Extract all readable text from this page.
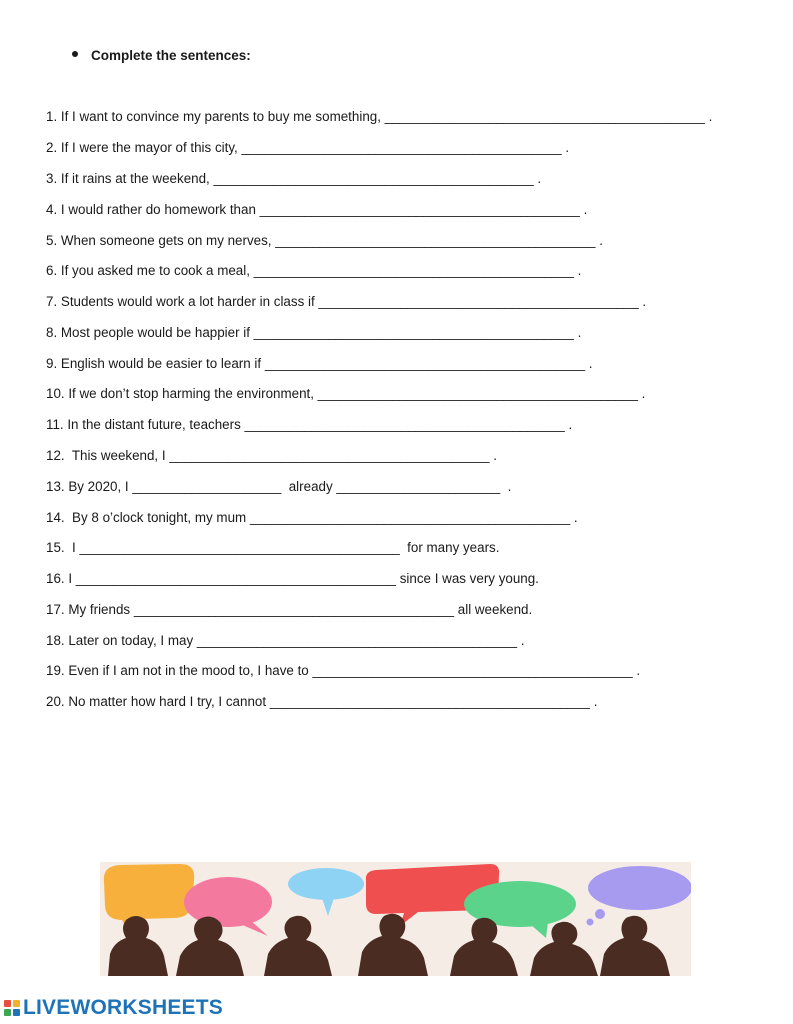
Complete the sentences:
1. If I want to convince my parents to buy me something, ___________________________________________ .
2. If I were the mayor of this city, ___________________________________________ .
3. If it rains at the weekend, ___________________________________________ .
4. I would rather do homework than ___________________________________________ .
5. When someone gets on my nerves, ___________________________________________ .
6. If you asked me to cook a meal, ___________________________________________ .
7. Students would work a lot harder in class if ___________________________________________ .
8. Most people would be happier if ___________________________________________ .
9. English would be easier to learn if ___________________________________________ .
10. If we don’t stop harming the environment, ___________________________________________ .
11. In the distant future, teachers ___________________________________________ .
12.  This weekend, I ___________________________________________ .
13. By 2020, I ____________________  already ______________________  .
14.  By 8 o’clock tonight, my mum ___________________________________________ .
15.  I ___________________________________________  for many years.
16. I ___________________________________________ since I was very young.
17. My friends ___________________________________________ all weekend.
18. Later on today, I may ___________________________________________ .
19. Even if I am not in the mood to, I have to ___________________________________________ .
20. No matter how hard I try, I cannot ___________________________________________ .
LIVEWORKSHEETS
